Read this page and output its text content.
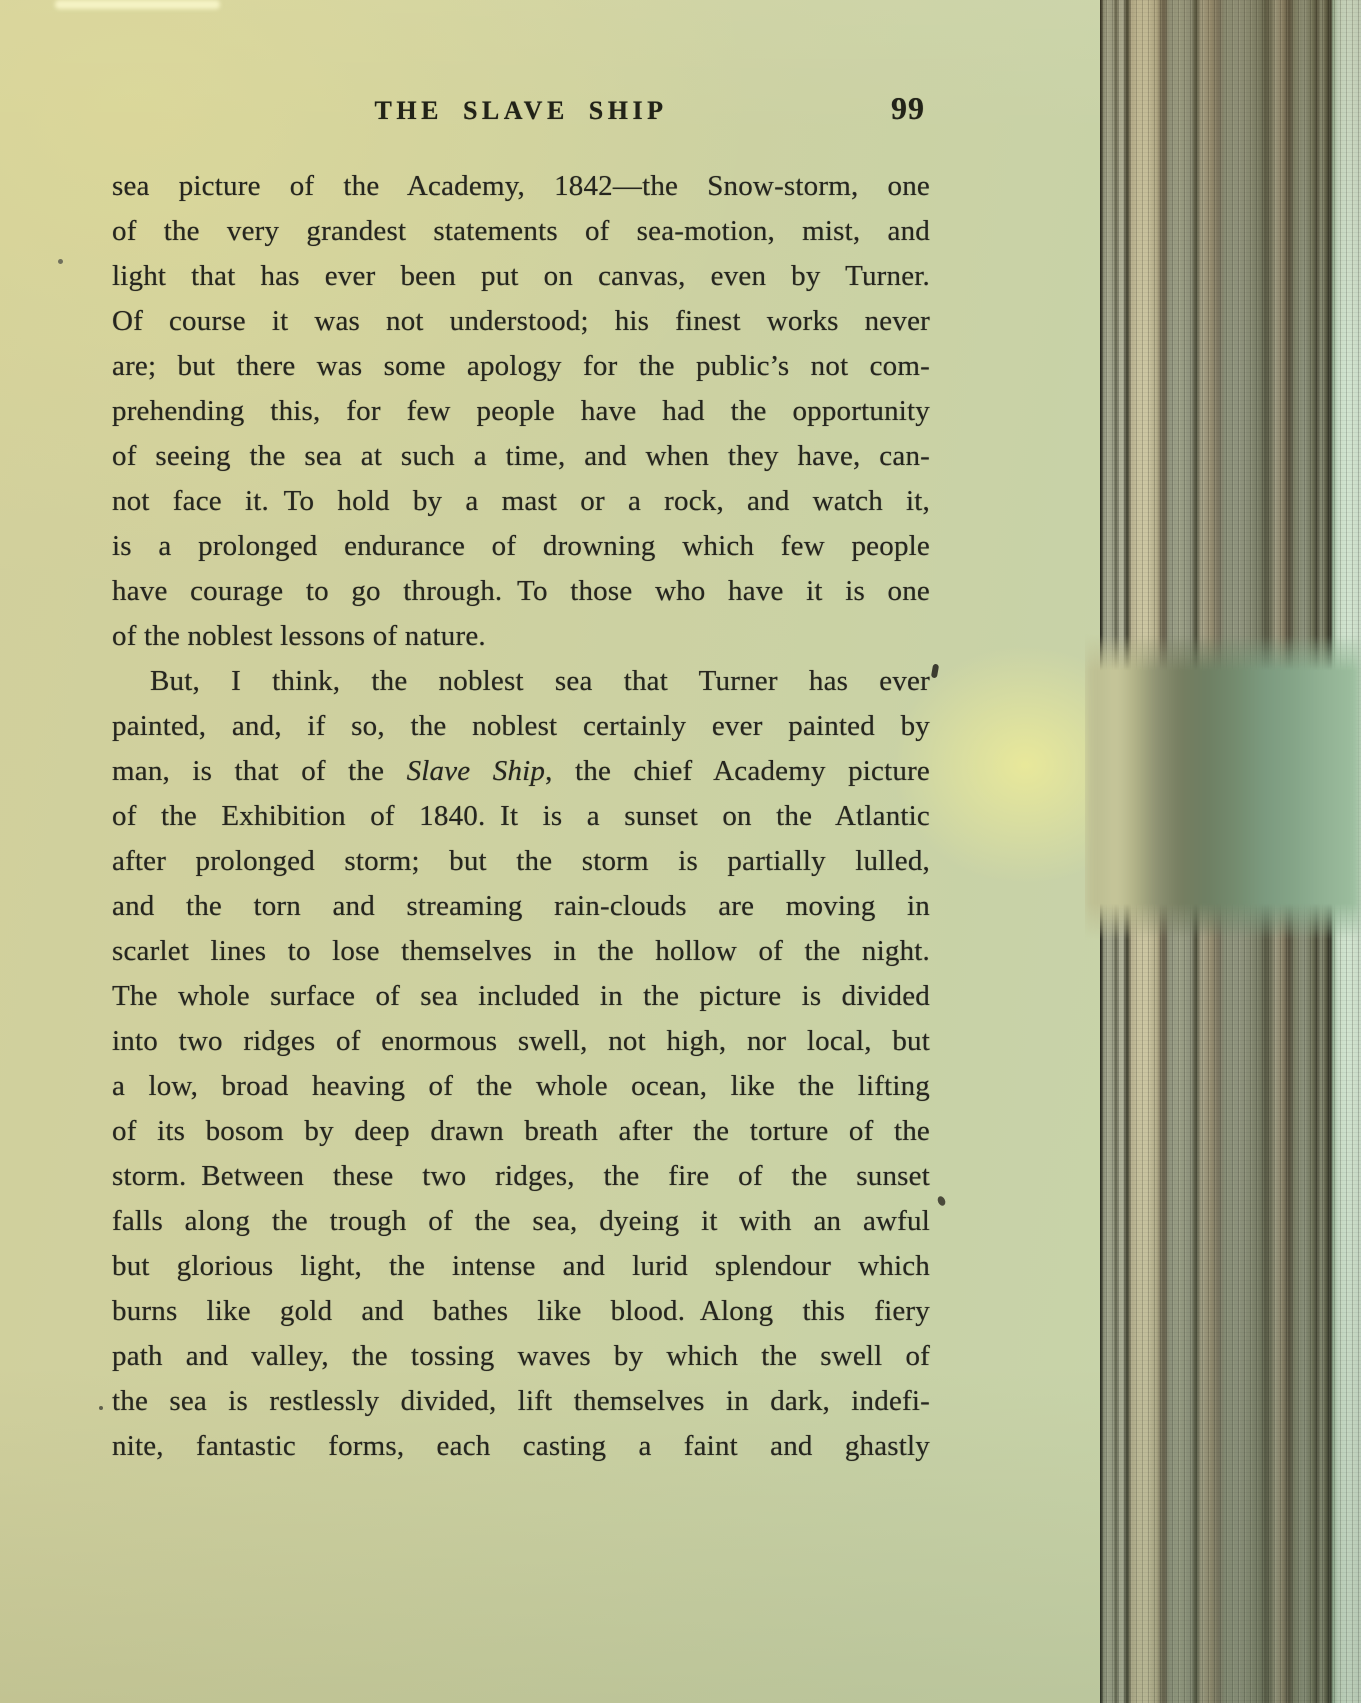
THE SLAVE SHIP	99
sea picture of the Academy, 1842—the Snow-storm, one
of the very grandest statements of sea-motion, mist, and
light that has ever been put on canvas, even by Turner.
Of course it was not understood; his finest works never
are; but there was some apology for the public’s not com-
prehending this, for few people have had the opportunity
of seeing the sea at such a time, and when they have, can-
not face it. To hold by a mast or a rock, and watch it,
is a prolonged endurance of drowning which few people
have courage to go through. To those who have it is one
of the noblest lessons of nature.
But, I think, the noblest sea that Turner has ever
painted, and, if so, the noblest certainly ever painted by
man, is that of the Slave Ship, the chief Academy picture
of the Exhibition of 1840. It is a sunset on the Atlantic
after prolonged storm; but the storm is partially lulled,
and the torn and streaming rain-clouds are moving in
scarlet lines to lose themselves in the hollow of the night.
The whole surface of sea included in the picture is divided
into two ridges of enormous swell, not high, nor local, but
a low, broad heaving of the whole ocean, like the lifting
of its bosom by deep drawn breath after the torture of the
storm. Between these two ridges, the fire of the sunset
falls along the trough of the sea, dyeing it with an awful
but glorious light, the intense and lurid splendour which
burns like gold and bathes like blood. Along this fiery
path and valley, the tossing waves by which the swell of
the sea is restlessly divided, lift themselves in dark, indefi-
nite, fantastic forms, each casting a faint and ghastly
